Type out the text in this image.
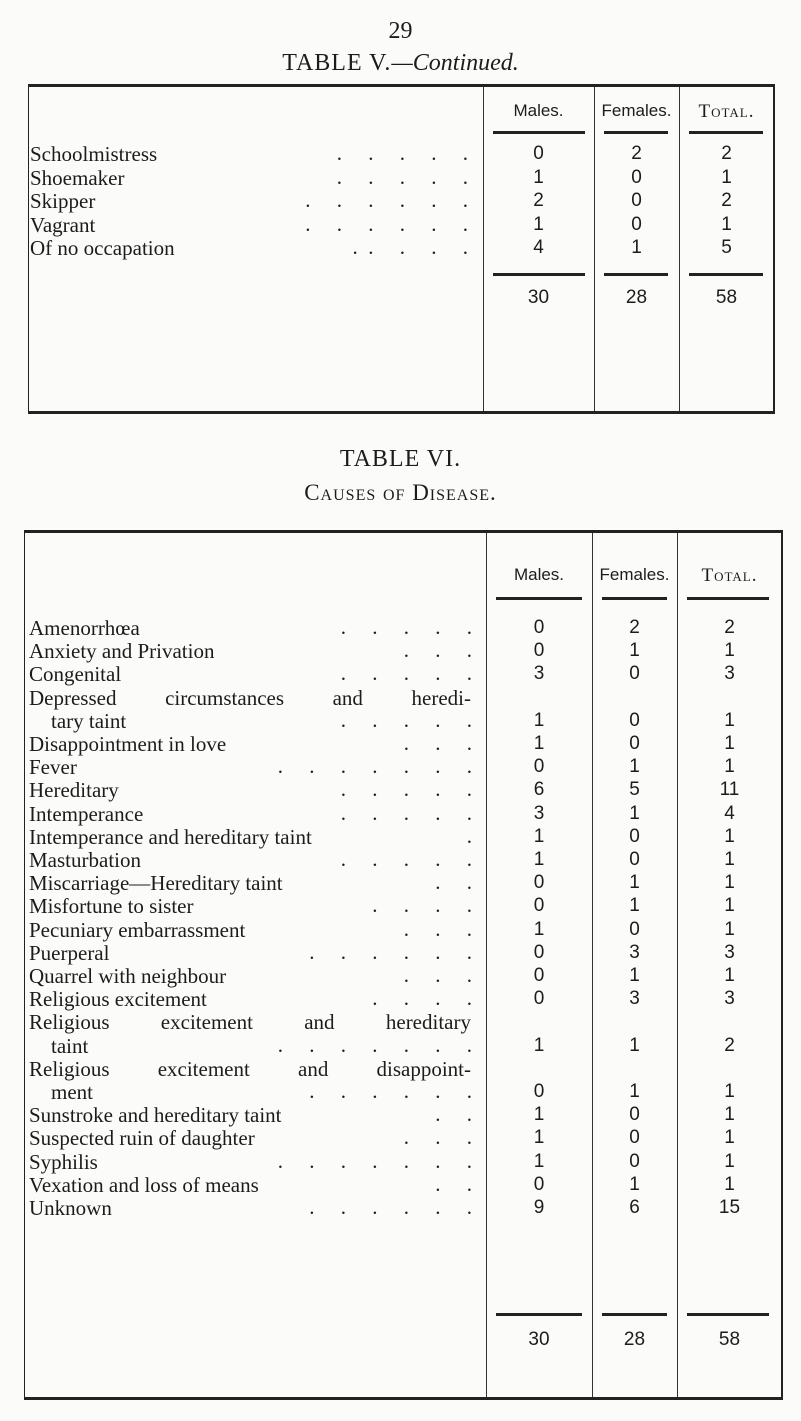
29
TABLE V.—Continued.
Males.	Females.	Total.
Schoolmistress	.     .     .     .     .	0	2	2
Shoemaker	.     .     .     .     .	1	0	1
Skipper	.     .     .     .     .     .	2	0	2
Vagrant	.     .     .     .     .     .	1	0	1
Of no occapation	.  .     .     .     .	4	1	5
30	28	58
TABLE VI.
Causes of Disease.
Males.	Females.	Total.
Amenorrhœa	.     .     .     .     .	0	2	2
Anxiety and Privation	.     .     .	0	1	1
Congenital	.     .     .     .     .	3	0	3
Depressed circumstances and heredi-
tary taint	.     .     .     .     .	1	0	1
Disappointment in love	.     .     .	1	0	1
Fever	.     .     .     .     .     .     .	0	1	1
Hereditary	.     .     .     .     .	6	5	11
Intemperance	.     .     .     .     .	3	1	4
Intemperance and hereditary taint	.	1	0	1
Masturbation	.     .     .     .     .	1	0	1
Miscarriage—Hereditary taint	.     .	0	1	1
Misfortune to sister	.     .     .     .	0	1	1
Pecuniary embarrassment	.     .     .	1	0	1
Puerperal	.     .     .     .     .     .	0	3	3
Quarrel with neighbour	.     .     .	0	1	1
Religious excitement	.     .     .     .	0	3	3
Religious excitement and hereditary
taint	.     .     .     .     .     .     .	1	1	2
Religious excitement and disappoint-
ment	.     .     .     .     .     .	0	1	1
Sunstroke and hereditary taint	.     .	1	0	1
Suspected ruin of daughter	.     .     .	1	0	1
Syphilis	.     .     .     .     .     .     .	1	0	1
Vexation and loss of means	.     .	0	1	1
Unknown	.     .     .     .     .     .	9	6	15
30	28	58
